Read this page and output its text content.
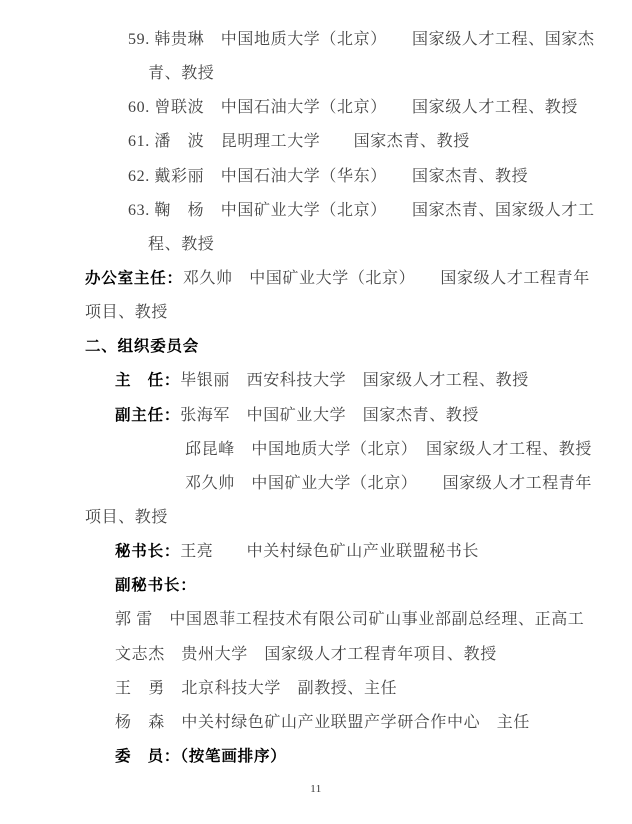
59. 韩贵琳　中国地质大学（北京）　　国家级人才工程、国家杰
青、教授
60. 曾联波　中国石油大学（北京）　　国家级人才工程、教授
61. 潘　波　昆明理工大学　　国家杰青、教授
62. 戴彩丽　中国石油大学（华东）　　国家杰青、教授
63. 鞠　杨　中国矿业大学（北京）　　国家杰青、国家级人才工
程、教授
办公室主任：邓久帅　中国矿业大学（北京）　　国家级人才工程青年
项目、教授
二、组织委员会
主　任：毕银丽　西安科技大学　国家级人才工程、教授
副主任：张海军　中国矿业大学　国家杰青、教授
邱昆峰　中国地质大学（北京）　国家级人才工程、教授
邓久帅　中国矿业大学（北京）　　国家级人才工程青年
项目、教授
秘书长：王亮　　中关村绿色矿山产业联盟秘书长
副秘书长：
郭 雷　中国恩菲工程技术有限公司矿山事业部副总经理、正高工
文志杰　贵州大学　国家级人才工程青年项目、教授
王　勇　北京科技大学　副教授、主任
杨　森　中关村绿色矿山产业联盟产学研合作中心　主任
委　员：（按笔画排序）
11
